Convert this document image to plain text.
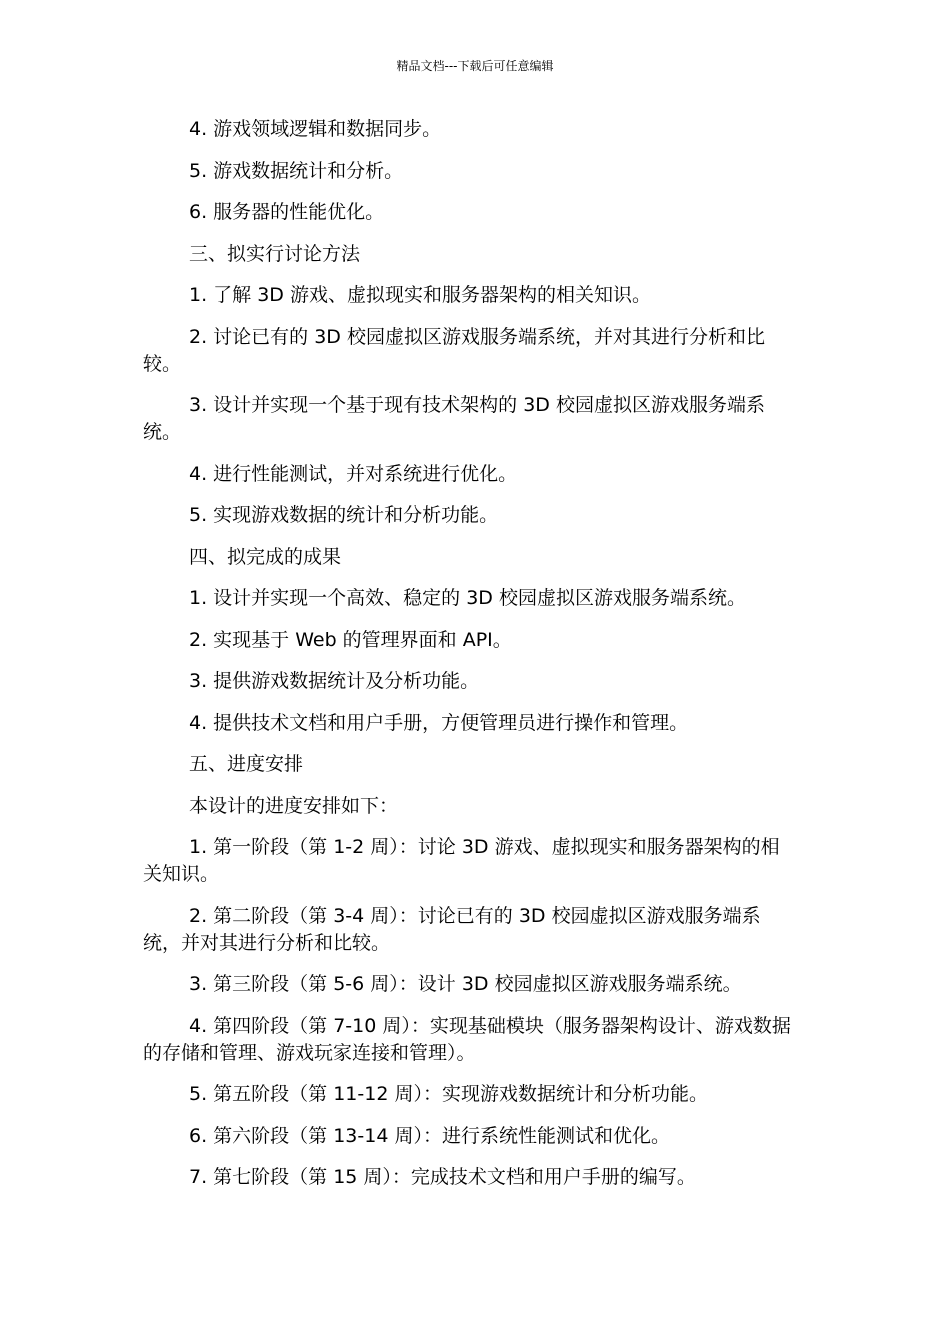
精品文档---下载后可任意编辑

4. 游戏领域逻辑和数据同步。

5. 游戏数据统计和分析。

6. 服务器的性能优化。

三、拟实行讨论方法

1. 了解 3D 游戏、虚拟现实和服务器架构的相关知识。

2. 讨论已有的 3D 校园虚拟区游戏服务端系统，并对其进行分析和比较。

3. 设计并实现一个基于现有技术架构的 3D 校园虚拟区游戏服务端系统。

4. 进行性能测试，并对系统进行优化。

5. 实现游戏数据的统计和分析功能。

四、拟完成的成果

1. 设计并实现一个高效、稳定的 3D 校园虚拟区游戏服务端系统。

2. 实现基于 Web 的管理界面和 API。

3. 提供游戏数据统计及分析功能。

4. 提供技术文档和用户手册，方便管理员进行操作和管理。

五、进度安排

本设计的进度安排如下：

1. 第一阶段（第 1-2 周）：讨论 3D 游戏、虚拟现实和服务器架构的相关知识。

2. 第二阶段（第 3-4 周）：讨论已有的 3D 校园虚拟区游戏服务端系统，并对其进行分析和比较。

3. 第三阶段（第 5-6 周）：设计 3D 校园虚拟区游戏服务端系统。

4. 第四阶段（第 7-10 周）：实现基础模块（服务器架构设计、游戏数据的存储和管理、游戏玩家连接和管理）。

5. 第五阶段（第 11-12 周）：实现游戏数据统计和分析功能。

6. 第六阶段（第 13-14 周）：进行系统性能测试和优化。

7. 第七阶段（第 15 周）：完成技术文档和用户手册的编写。
